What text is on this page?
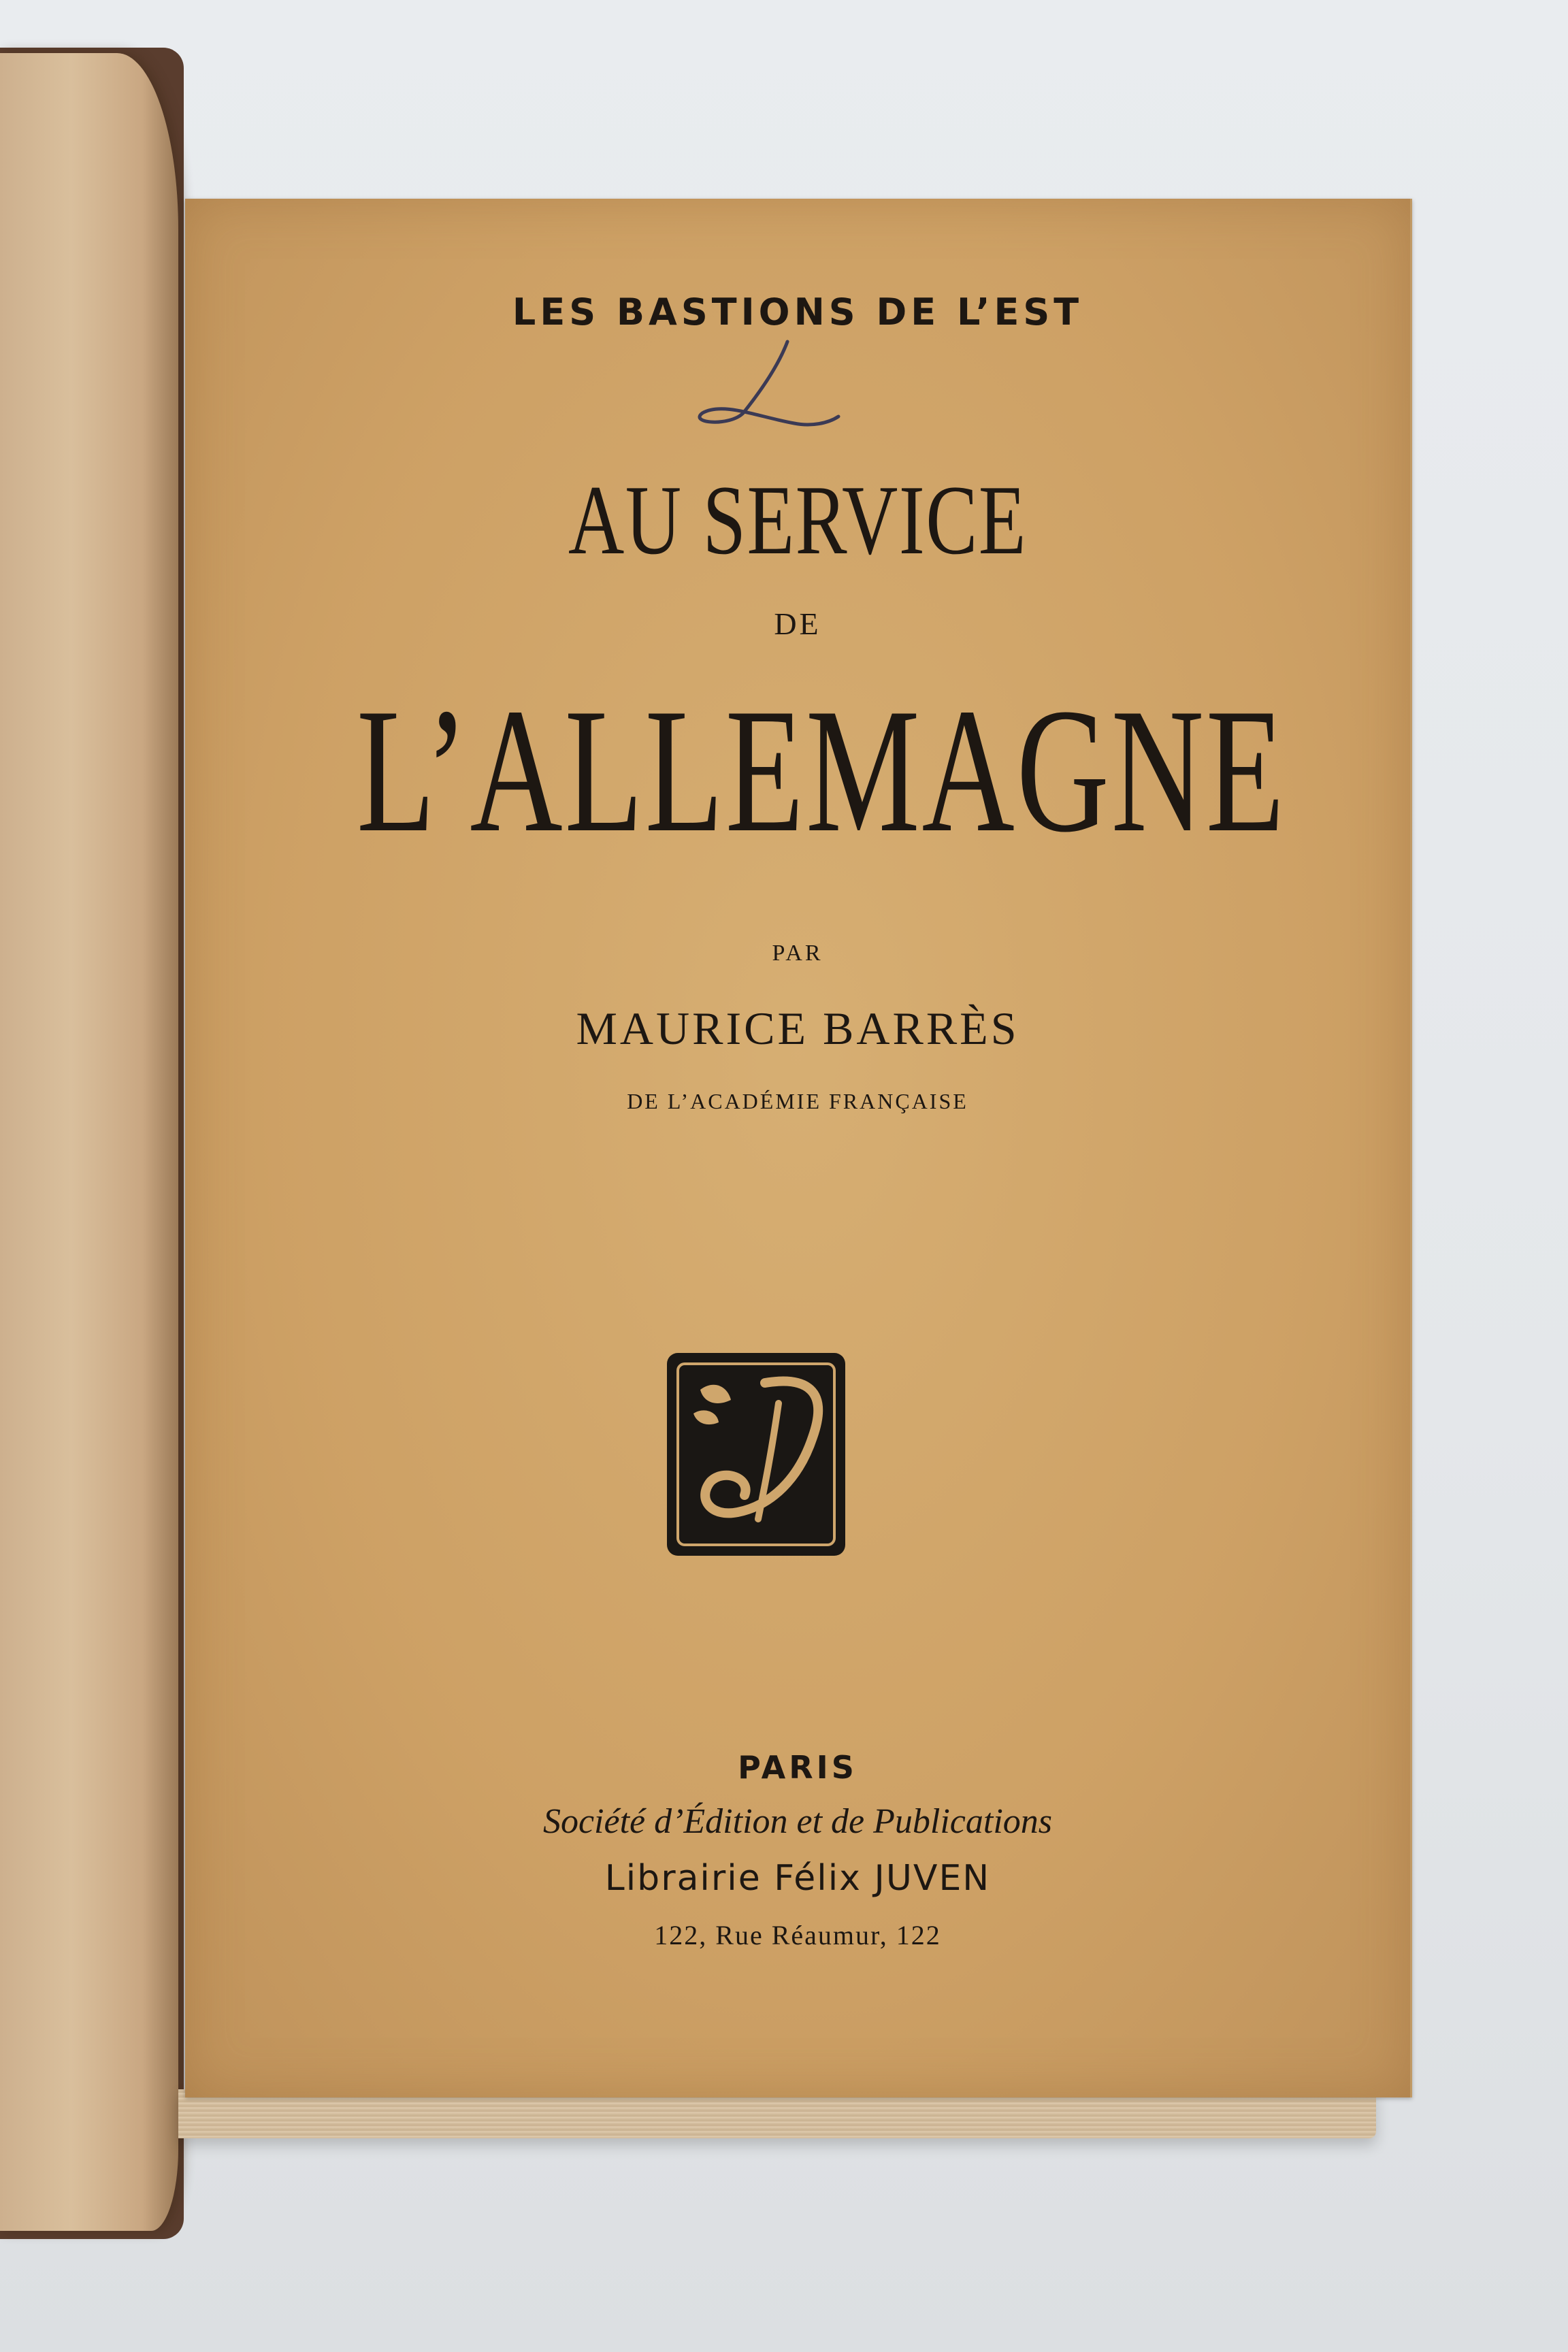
LES BASTIONS DE L’EST
AU SERVICE
DE
L’ALLEMAGNE
PAR
MAURICE BARRÈS
DE L’ACADÉMIE FRANÇAISE
PARIS
Société d’Édition et de Publications
Librairie Félix JUVEN
122, Rue Réaumur, 122
